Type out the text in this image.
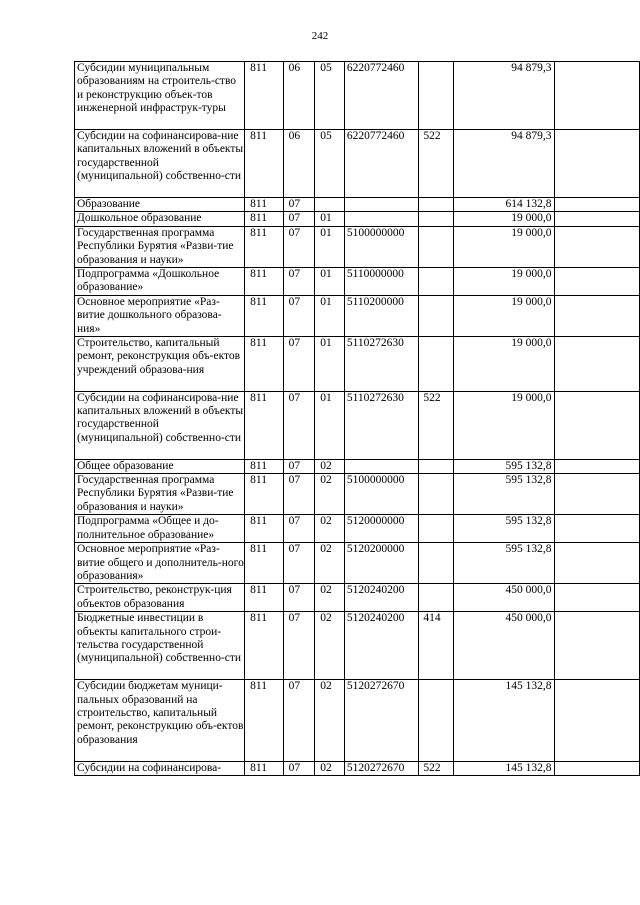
242
Субсидии муниципальным образованиям на строитель-ство и реконструкцию объек-тов инженерной инфраструк-туры	811	06	05	6220772460		94 879,3	
Субсидии на софинансирова-ние капитальных вложений в объекты государственной (муниципальной) собственно-сти	811	06	05	6220772460	522	94 879,3	
Образование	811	07				614 132,8	
Дошкольное образование	811	07	01			19 000,0	
Государственная программа Республики Бурятия «Разви-тие образования и науки»	811	07	01	5100000000		19 000,0	
Подпрограмма «Дошкольное образование»	811	07	01	5110000000		19 000,0	
Основное мероприятие «Раз-витие дошкольного образова-ния»	811	07	01	5110200000		19 000,0	
Строительство, капитальный ремонт, реконструкция объ-ектов учреждений образова-ния	811	07	01	5110272630		19 000,0	
Субсидии на софинансирова-ние капитальных вложений в объекты государственной (муниципальной) собственно-сти	811	07	01	5110272630	522	19 000,0	
Общее образование	811	07	02			595 132,8	
Государственная программа Республики Бурятия «Разви-тие образования и науки»	811	07	02	5100000000		595 132,8	
Подпрограмма «Общее и до-полнительное образование»	811	07	02	5120000000		595 132,8	
Основное мероприятие «Раз-витие общего и дополнитель-ного образования»	811	07	02	5120200000		595 132,8	
Строительство, реконструк-ция объектов образования	811	07	02	5120240200		450 000,0	
Бюджетные инвестиции в объекты капитального строи-тельства государственной (муниципальной) собственно-сти	811	07	02	5120240200	414	450 000,0	
Субсидии бюджетам муници-пальных образований на строительство, капитальный ремонт, реконструкцию объ-ектов образования	811	07	02	5120272670		145 132,8	
Субсидии на софинансирова-	811	07	02	5120272670	522	145 132,8	
